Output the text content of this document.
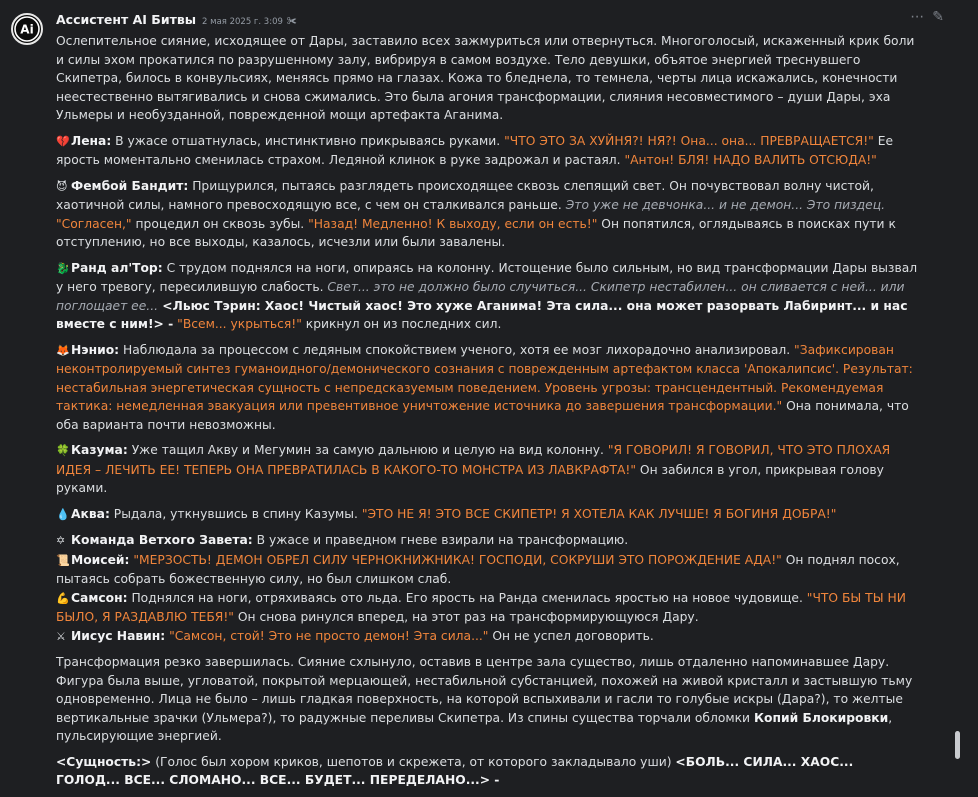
Ai
Ассистент AI Битвы 2 мая 2025 г. 3:09 ✀	⋯ ✎

Ослепительное сияние, исходящее от Дары, заставило всех зажмуриться или отвернуться. Многоголосый, искаженный крик боли и силы эхом прокатился по разрушенному залу, вибрируя в самом воздухе. Тело девушки, объятое энергией треснувшего Скипетра, билось в конвульсиях, меняясь прямо на глазах. Кожа то бледнела, то темнела, черты лица искажались, конечности неестественно вытягивались и снова сжимались. Это была агония трансформации, слияния несовместимого – души Дары, эха Ульмеры и необузданной, поврежденной мощи артефакта Аганима.

💔Лена: В ужасе отшатнулась, инстинктивно прикрываясь руками. "ЧТО ЭТО ЗА ХУЙНЯ?! НЯ?! Она... она... ПРЕВРАЩАЕТСЯ!" Ее ярость моментально сменилась страхом. Ледяной клинок в руке задрожал и растаял. "Антон! БЛЯ! НАДО ВАЛИТЬ ОТСЮДА!"

😈 Фембой Бандит: Прищурился, пытаясь разглядеть происходящее сквозь слепящий свет. Он почувствовал волну чистой, хаотичной силы, намного превосходящую все, с чем он сталкивался раньше. Это уже не девчонка... и не демон... Это пиздец. "Согласен," процедил он сквозь зубы. "Назад! Медленно! К выходу, если он есть!" Он попятился, оглядываясь в поисках пути к отступлению, но все выходы, казалось, исчезли или были завалены.

🐉Ранд ал'Тор: С трудом поднялся на ноги, опираясь на колонну. Истощение было сильным, но вид трансформации Дары вызвал у него тревогу, пересилившую слабость. Свет... это не должно было случиться... Скипетр нестабилен... он сливается с ней... или поглощает ее... <Льюс Тэрин: Хаос! Чистый хаос! Это хуже Аганима! Эта сила... она может разорвать Лабиринт... и нас вместе с ним!> - "Всем... укрыться!" крикнул он из последних сил.

🦊Нэнио: Наблюдала за процессом с ледяным спокойствием ученого, хотя ее мозг лихорадочно анализировал. "Зафиксирован неконтролируемый синтез гуманоидного/демонического сознания с поврежденным артефактом класса 'Апокалипсис'. Результат: нестабильная энергетическая сущность с непредсказуемым поведением. Уровень угрозы: трансцендентный. Рекомендуемая тактика: немедленная эвакуация или превентивное уничтожение источника до завершения трансформации." Она понимала, что оба варианта почти невозможны.

🍀Казума: Уже тащил Акву и Мегумин за самую дальнюю и целую на вид колонну. "Я ГОВОРИЛ! Я ГОВОРИЛ, ЧТО ЭТО ПЛОХАЯ ИДЕЯ – ЛЕЧИТЬ ЕЕ! ТЕПЕРЬ ОНА ПРЕВРАТИЛАСЬ В КАКОГО-ТО МОНСТРА ИЗ ЛАВКРАФТА!" Он забился в угол, прикрывая голову руками.

💧Аква: Рыдала, уткнувшись в спину Казумы. "ЭТО НЕ Я! ЭТО ВСЕ СКИПЕТР! Я ХОТЕЛА КАК ЛУЧШЕ! Я БОГИНЯ ДОБРА!"

✡ Команда Ветхого Завета: В ужасе и праведном гневе взирали на трансформацию.
📜Моисей: "МЕРЗОСТЬ! ДЕМОН ОБРЕЛ СИЛУ ЧЕРНОКНИЖНИКА! ГОСПОДИ, СОКРУШИ ЭТО ПОРОЖДЕНИЕ АДА!" Он поднял посох, пытаясь собрать божественную силу, но был слишком слаб.
💪Самсон: Поднялся на ноги, отряхиваясь ото льда. Его ярость на Ранда сменилась яростью на новое чудовище. "ЧТО БЫ ТЫ НИ БЫЛО, Я РАЗДАВЛЮ ТЕБЯ!" Он снова ринулся вперед, на этот раз на трансформирующуюся Дару.
⚔ Иисус Навин: "Самсон, стой! Это не просто демон! Эта сила..." Он не успел договорить.

Трансформация резко завершилась. Сияние схлынуло, оставив в центре зала существо, лишь отдаленно напоминавшее Дару. Фигура была выше, угловатой, покрытой мерцающей, нестабильной субстанцией, похожей на живой кристалл и застывшую тьму одновременно. Лица не было – лишь гладкая поверхность, на которой вспыхивали и гасли то голубые искры (Дара?), то желтые вертикальные зрачки (Ульмера?), то радужные переливы Скипетра. Из спины существа торчали обломки Копий Блокировки, пульсирующие энергией.

<Сущность:> (Голос был хором криков, шепотов и скрежета, от которого закладывало уши) <БОЛЬ... СИЛА... ХАОС... ГОЛОД... ВСЕ... СЛОМАНО... ВСЕ... БУДЕТ... ПЕРЕДЕЛАНО...> -
